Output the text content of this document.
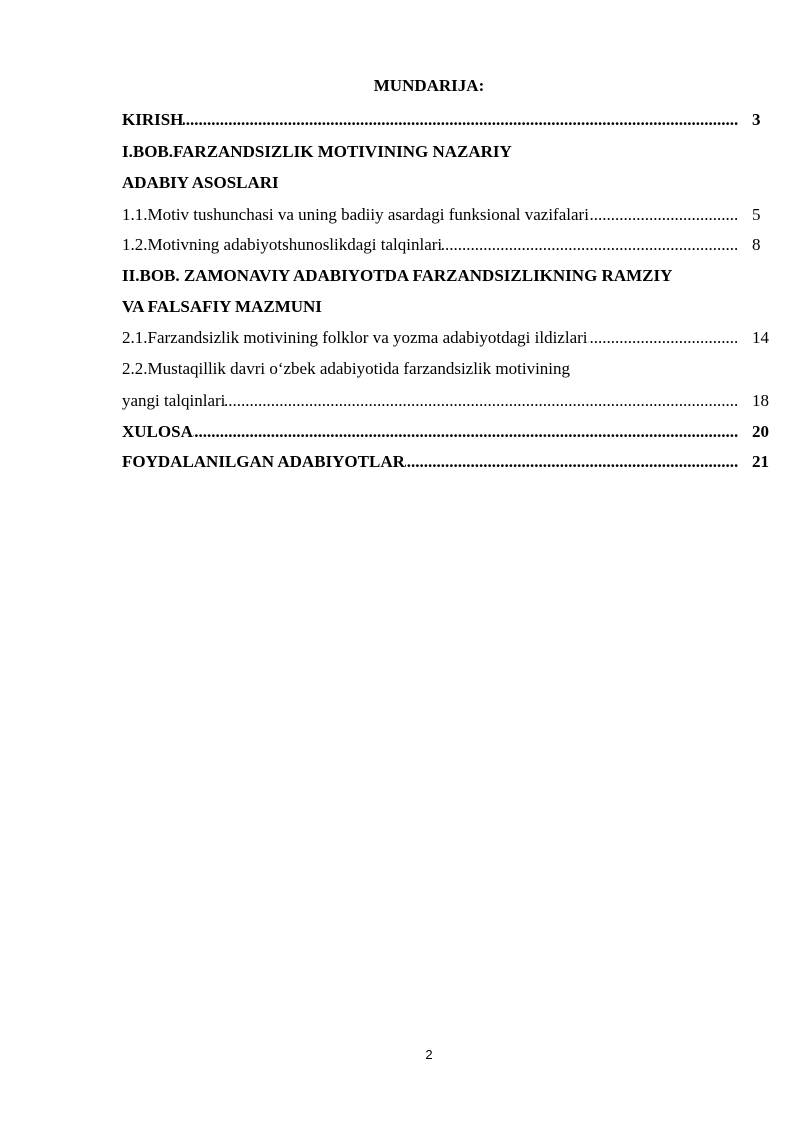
MUNDARIJA:
.....
KIRISH	3
I.BOB.FARZANDSIZLIK MOTIVINING NAZARIY
ADABIY ASOSLARI
.....
1.1.Motiv tushunchasi va uning badiiy asardagi funksional vazifalari	5
.....
1.2.Motivning adabiyotshunoslikdagi talqinlari	8
II.BOB. ZAMONAVIY ADABIYOTDA FARZANDSIZLIKNING RAMZIY
VA FALSAFIY MAZMUNI
.....
2.1.Farzandsizlik motivining folklor va yozma adabiyotdagi ildizlari	14
2.2.Mustaqillik davri o‘zbek adabiyotida farzandsizlik motivining
.....
yangi talqinlari	18
.....
XULOSA	20
.....
FOYDALANILGAN ADABIYOTLAR	21
2
